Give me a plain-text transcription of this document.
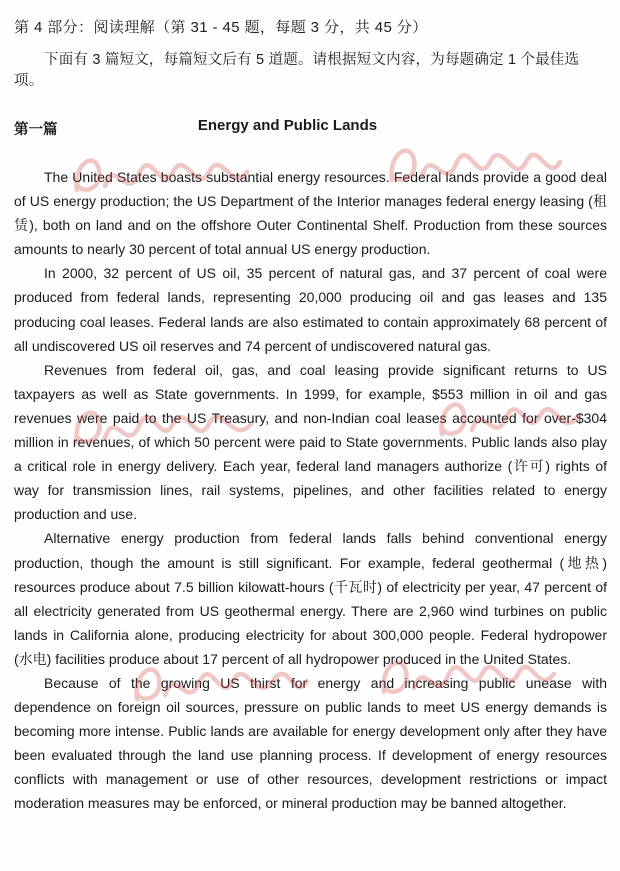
第 4 部分：阅读理解（第 31 - 45 题，每题 3 分，共 45 分）

下面有 3 篇短文，每篇短文后有 5 道题。请根据短文内容，为每题确定 1 个最佳选项。

第一篇	Energy and Public Lands

The United States boasts substantial energy resources. Federal lands provide a good deal of US energy production; the US Department of the Interior manages federal energy leasing (租赁), both on land and on the offshore Outer Continental Shelf. Production from these sources amounts to nearly 30 percent of total annual US energy production.

In 2000, 32 percent of US oil, 35 percent of natural gas, and 37 percent of coal were produced from federal lands, representing 20,000 producing oil and gas leases and 135 producing coal leases. Federal lands are also estimated to contain approximately 68 percent of all undiscovered US oil reserves and 74 percent of undiscovered natural gas.

Revenues from federal oil, gas, and coal leasing provide significant returns to US taxpayers as well as State governments. In 1999, for example, $553 million in oil and gas revenues were paid to the US Treasury, and non-Indian coal leases accounted for over-$304 million in revenues, of which 50 percent were paid to State governments. Public lands also play a critical role in energy delivery. Each year, federal land managers authorize (许可) rights of way for transmission lines, rail systems, pipelines, and other facilities related to energy production and use.

Alternative energy production from federal lands falls behind conventional energy production, though the amount is still significant. For example, federal geothermal (地热) resources produce about 7.5 billion kilowatt-hours (千瓦时) of electricity per year, 47 percent of all electricity generated from US geothermal energy. There are 2,960 wind turbines on public lands in California alone, producing electricity for about 300,000 people. Federal hydropower (水电) facilities produce about 17 percent of all hydropower produced in the United States.

Because of the growing US thirst for energy and increasing public unease with dependence on foreign oil sources, pressure on public lands to meet US energy demands is becoming more intense. Public lands are available for energy development only after they have been evaluated through the land use planning process. If development of energy resources conflicts with management or use of other resources, development restrictions or impact moderation measures may be enforced, or mineral production may be banned altogether.
